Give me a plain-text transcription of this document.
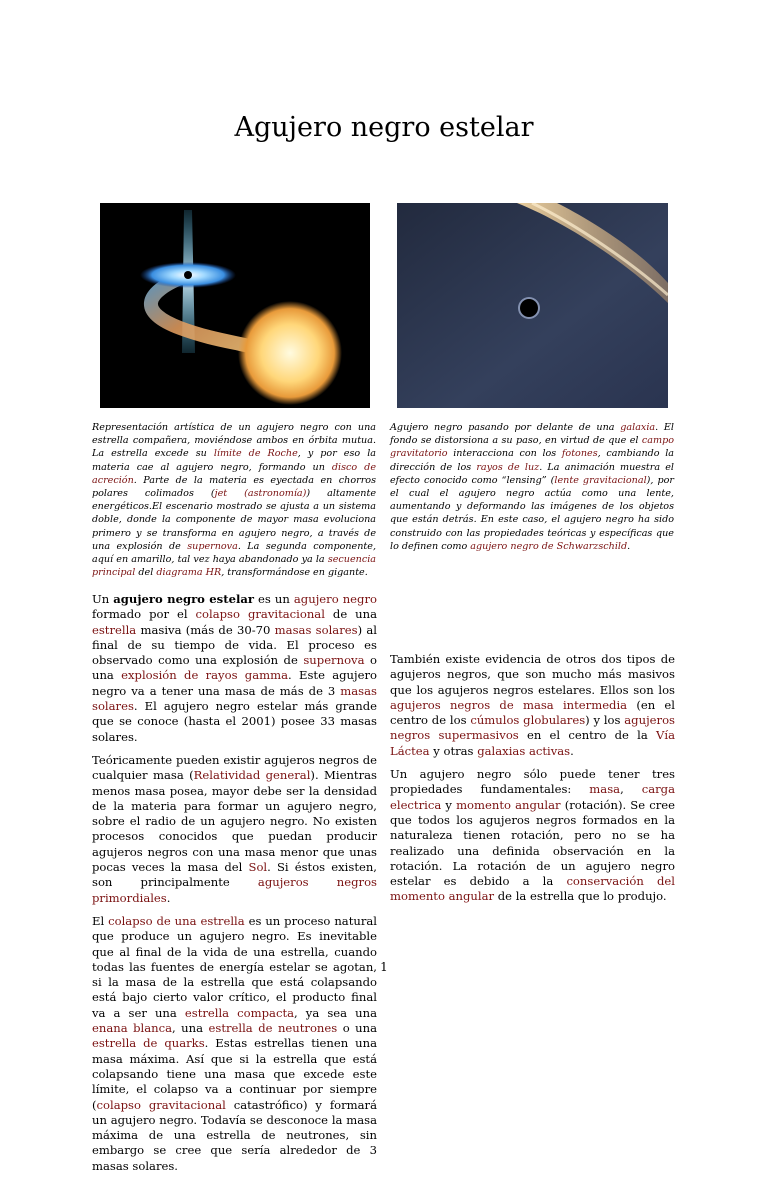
Agujero negro estelar

Representación artística de un agujero negro con una estrella compañera, moviéndose ambos en órbita mutua. La estrella excede su límite de Roche, y por eso la materia cae al agujero negro, formando un disco de acreción. Parte de la materia es eyectada en chorros polares colimados (jet (astronomía)) altamente energéticos.El escenario mostrado se ajusta a un sistema doble, donde la componente de mayor masa evoluciona primero y se transforma en agujero negro, a través de una explosión de supernova. La segunda componente, aquí en amarillo, tal vez haya abandonado ya la secuencia principal del diagrama HR, transformándose en gigante.

Agujero negro pasando por delante de una galaxia. El fondo se distorsiona a su paso, en virtud de que el campo gravitatorio interacciona con los fotones, cambiando la dirección de los rayos de luz. La animación muestra el efecto conocido como “lensing” (lente gravitacional), por el cual el agujero negro actúa como una lente, aumentando y deformando las imágenes de los objetos que están detrás. En este caso, el agujero negro ha sido construido con las propiedades teóricas y específicas que lo definen como agujero negro de Schwarzschild.

Un agujero negro estelar es un agujero negro formado por el colapso gravitacional de una estrella masiva (más de 30-70 masas solares) al final de su tiempo de vida. El proceso es observado como una explosión de supernova o una explosión de rayos gamma. Este agujero negro va a tener una masa de más de 3 masas solares. El agujero negro estelar más grande que se conoce (hasta el 2001) posee 33 masas solares.

Teóricamente pueden existir agujeros negros de cualquier masa (Relatividad general). Mientras menos masa posea, mayor debe ser la densidad de la materia para formar un agujero negro, sobre el radio de un agujero negro. No existen procesos conocidos que puedan producir agujeros negros con una masa menor que unas pocas veces la masa del Sol. Si éstos existen, son principalmente agujeros negros primordiales.

El colapso de una estrella es un proceso natural que produce un agujero negro. Es inevitable que al final de la vida de una estrella, cuando todas las fuentes de energía estelar se agotan, si la masa de la estrella que está colapsando está bajo cierto valor crítico, el producto final va a ser una estrella compacta, ya sea una enana blanca, una estrella de neutrones o una estrella de quarks. Estas estrellas tienen una masa máxima. Así que si la estrella que está colapsando tiene una masa que excede este límite, el colapso va a continuar por siempre (colapso gravitacional catastrófico) y formará un agujero negro. Todavía se desconoce la masa máxima de una estrella de neutrones, sin embargo se cree que sería alrededor de 3 masas solares.

También existe evidencia de otros dos tipos de agujeros negros, que son mucho más masivos que los agujeros negros estelares. Ellos son los agujeros negros de masa intermedia (en el centro de los cúmulos globulares) y los agujeros negros supermasivos en el centro de la Vía Láctea y otras galaxias activas.

Un agujero negro sólo puede tener tres propiedades fundamentales: masa, carga electrica y momento angular (rotación). Se cree que todos los agujeros negros formados en la naturaleza tienen rotación, pero no se ha realizado una definida observación en la rotación. La rotación de un agujero negro estelar es debido a la conservación del momento angular de la estrella que lo produjo.

1
